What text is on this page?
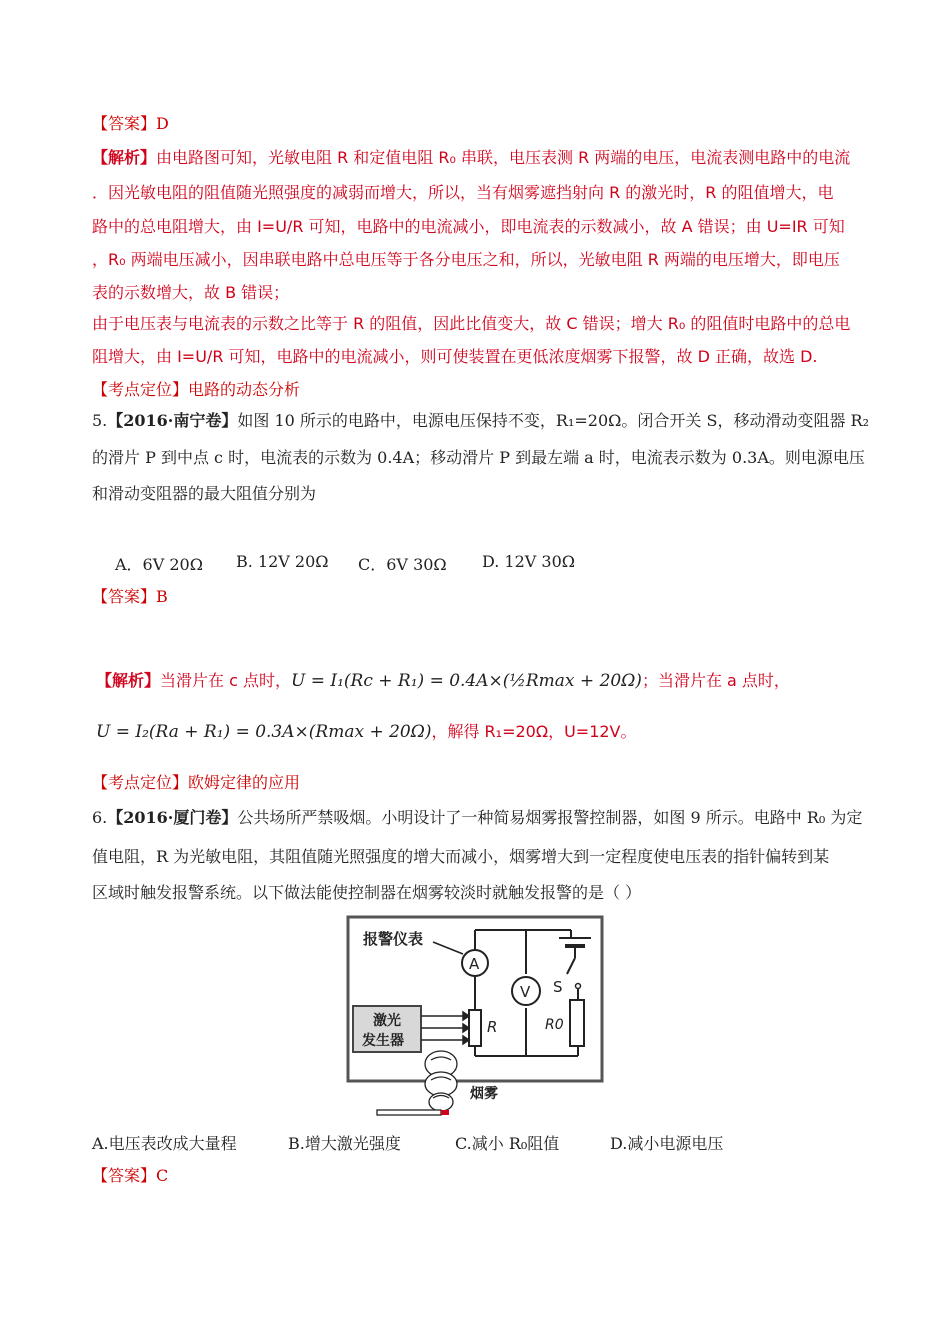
【答案】D
【解析】由电路图可知，光敏电阻 R 和定值电阻 R₀ 串联，电压表测 R 两端的电压，电流表测电路中的电流
．因光敏电阻的阻值随光照强度的减弱而增大，所以，当有烟雾遮挡射向 R 的激光时，R 的阻值增大，电
路中的总电阻增大，由 I=U/R 可知，电路中的电流减小，即电流表的示数减小，故 A 错误；由 U=IR 可知
，R₀ 两端电压减小，因串联电路中总电压等于各分电压之和，所以，光敏电阻 R 两端的电压增大，即电压
表的示数增大，故 B 错误；
由于电压表与电流表的示数之比等于 R 的阻值，因此比值变大，故 C 错误；增大 R₀ 的阻值时电路中的总电
阻增大，由 I=U/R 可知，电路中的电流减小，则可使装置在更低浓度烟雾下报警，故 D 正确，故选 D.
【考点定位】电路的动态分析
5.【2016·南宁卷】如图 10 所示的电路中，电源电压保持不变，R₁=20Ω。闭合开关 S，移动滑动变阻器 R₂
的滑片 P 到中点 c 时，电流表的示数为 0.4A；移动滑片 P 到最左端 a 时，电流表示数为 0.3A。则电源电压
和滑动变阻器的最大阻值分别为
A．6V 20Ω B. 12V 20Ω C．6V 30Ω D. 12V 30Ω
【答案】B
【解析】当滑片在 c 点时，U = I₁(Rc + R₁) = 0.4A×(½Rmax + 20Ω)；当滑片在 a 点时，
U = I₂(Ra + R₁) = 0.3A×(Rmax + 20Ω)，解得 R₁=20Ω，U=12V。
【考点定位】欧姆定律的应用
6.【2016·厦门卷】公共场所严禁吸烟。小明设计了一种简易烟雾报警控制器，如图 9 所示。电路中 R₀ 为定
值电阻，R 为光敏电阻，其阻值随光照强度的增大而减小，烟雾增大到一定程度使电压表的指针偏转到某
区域时触发报警系统。以下做法能使控制器在烟雾较淡时就触发报警的是（ ）
报警仪表
S
R0
A
V
R
激光
发生器
烟雾
A.电压表改成大量程	B.增大激光强度	C.减小 R₀阻值	D.减小电源电压
【答案】C
